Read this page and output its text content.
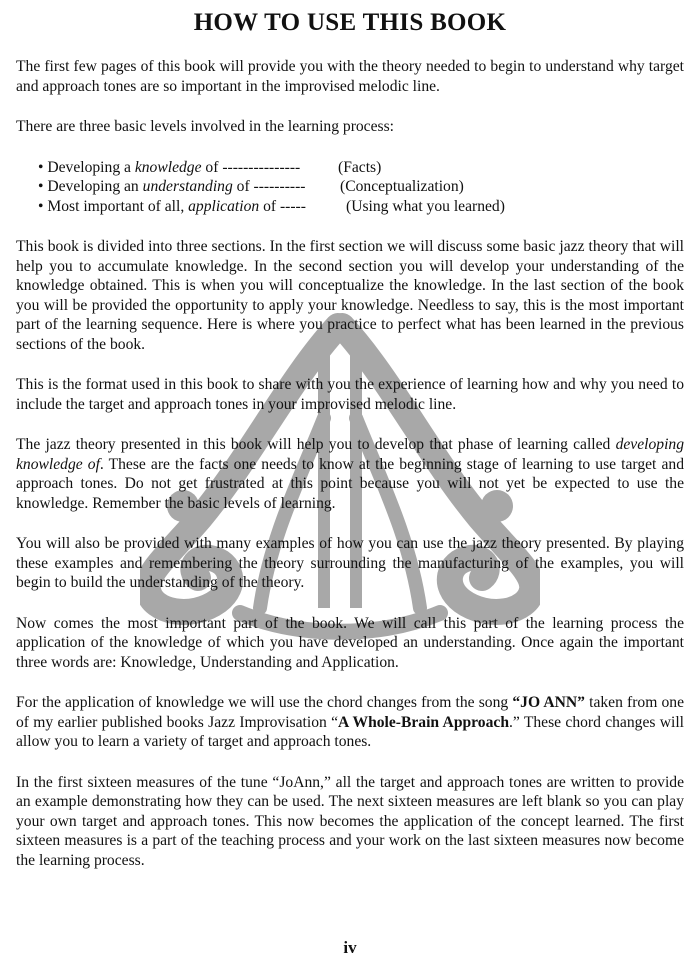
HOW TO USE THIS BOOK

The first few pages of this book will provide you with the theory needed to begin to understand why target and approach tones are so important in the improvised melodic line.

There are three basic levels involved in the learning process:

• Developing a knowledge of --------------- (Facts)
• Developing an understanding of ---------- (Conceptualization)
• Most important of all, application of -----	(Using what you learned)

This book is divided into three sections. In the first section we will discuss some basic jazz theory that will help you to accumulate knowledge. In the second section you will develop your understanding of the knowledge obtained. This is when you will conceptualize the knowledge. In the last section of the book you will be provided the opportunity to apply your knowledge. Needless to say, this is the most important part of the learning sequence. Here is where you practice to perfect what has been learned in the previous sections of the book.

This is the format used in this book to share with you the experience of learning how and why you need to include the target and approach tones in your improvised melodic line.

The jazz theory presented in this book will help you to develop that phase of learning called developing knowledge of. These are the facts one needs to know at the beginning stage of learning to use target and approach tones. Do not get frustrated at this point because you will not yet be expected to use the knowledge. Remember the basic levels of learning.

You will also be provided with many examples of how you can use the jazz theory presented. By playing these examples and remembering the theory surrounding the manufacturing of the examples, you will begin to build the understanding of the theory.

Now comes the most important part of the book. We will call this part of the learning process the application of the knowledge of which you have developed an understanding. Once again the important three words are: Knowledge, Understanding and Application.

For the application of knowledge we will use the chord changes from the song “JO ANN” taken from one of my earlier published books Jazz Improvisation “A Whole-Brain Approach.” These chord changes will allow you to learn a variety of target and approach tones.

In the first sixteen measures of the tune “JoAnn,” all the target and approach tones are written to provide an example demonstrating how they can be used. The next sixteen measures are left blank so you can play your own target and approach tones. This now becomes the application of the concept learned. The first sixteen measures is a part of the teaching process and your work on the last sixteen measures now become the learning process.

iv
